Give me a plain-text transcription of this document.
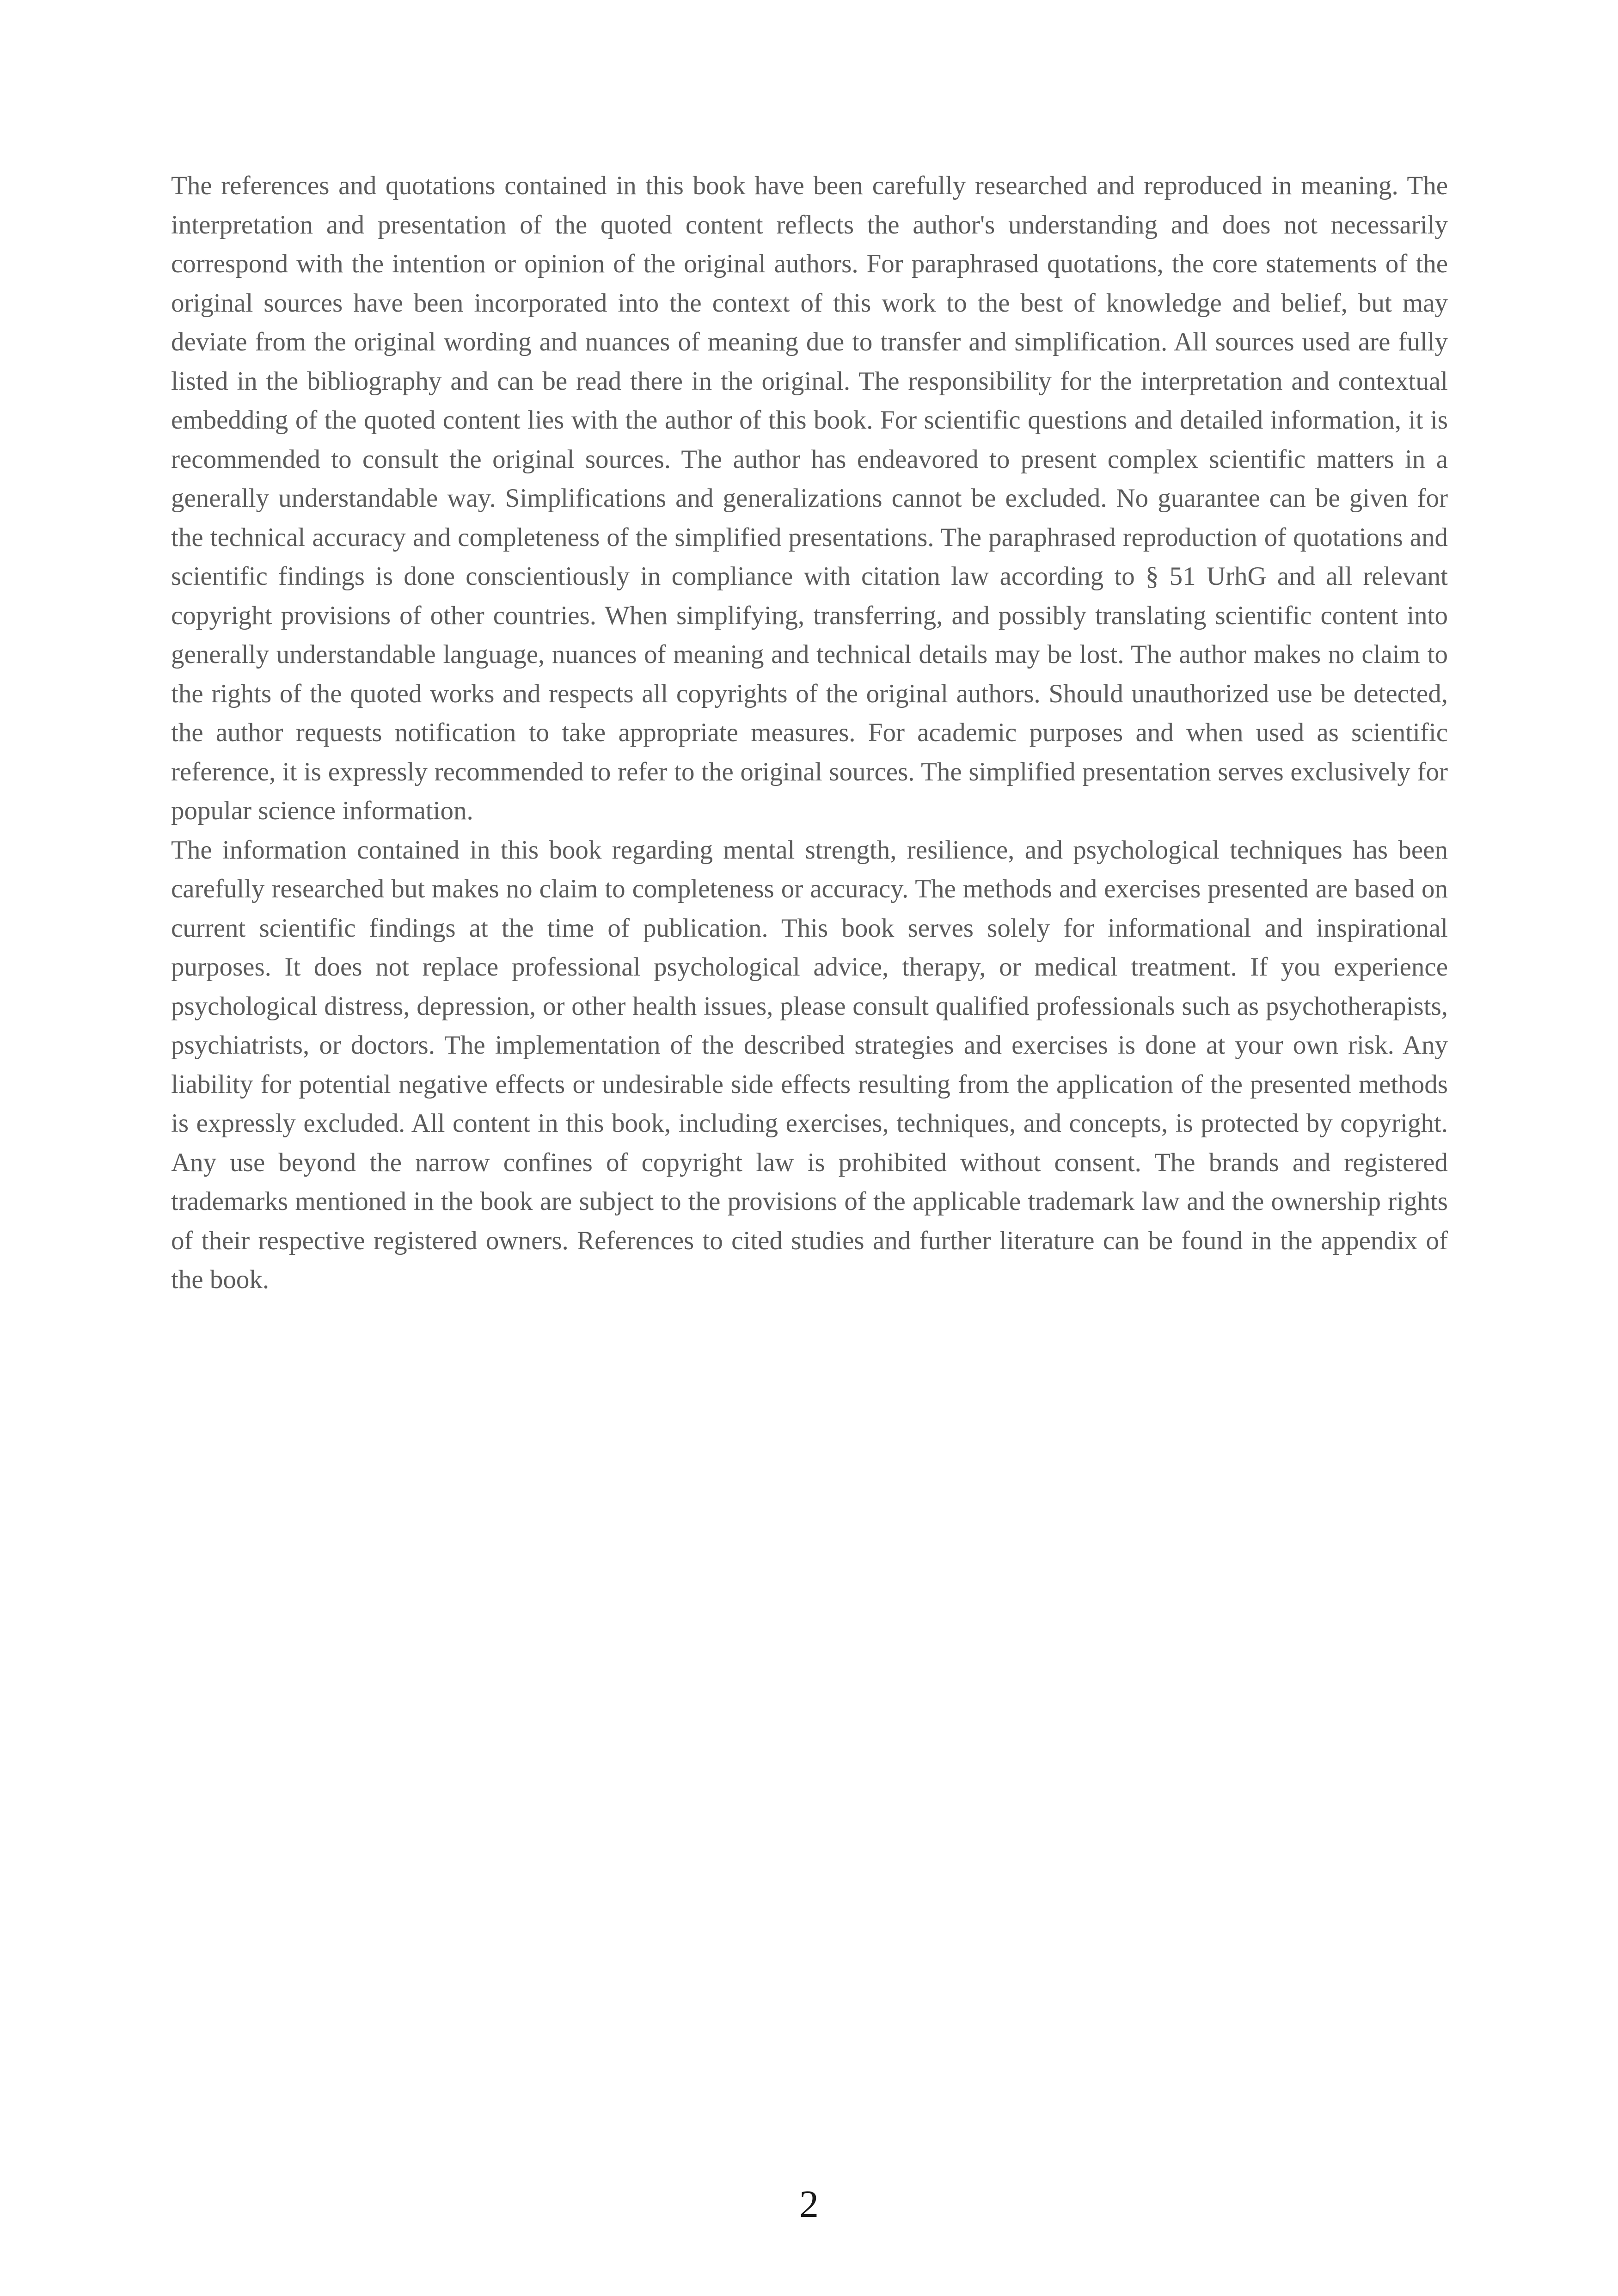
The references and quotations contained in this book have been carefully researched and reproduced in meaning. The interpretation and presentation of the quoted content reflects the author's understanding and does not necessarily correspond with the intention or opinion of the original authors. For paraphrased quotations, the core statements of the original sources have been incorporated into the context of this work to the best of knowledge and belief, but may deviate from the original wording and nuances of meaning due to transfer and simplification. All sources used are fully listed in the bibliography and can be read there in the original. The responsibility for the interpretation and contextual embedding of the quoted content lies with the author of this book. For scientific questions and detailed information, it is recommended to consult the original sources. The author has endeavored to present complex scientific matters in a generally understandable way. Simplifications and generalizations cannot be excluded. No guarantee can be given for the technical accuracy and completeness of the simplified presentations. The paraphrased reproduction of quotations and scientific findings is done conscientiously in compliance with citation law according to § 51 UrhG and all relevant copyright provisions of other countries. When simplifying, transferring, and possibly translating scientific content into generally understandable language, nuances of meaning and technical details may be lost. The author makes no claim to the rights of the quoted works and respects all copyrights of the original authors. Should unauthorized use be detected, the author requests notification to take appropriate measures. For academic purposes and when used as scientific reference, it is expressly recommended to refer to the original sources. The simplified presentation serves exclusively for popular science information.

The information contained in this book regarding mental strength, resilience, and psychological techniques has been carefully researched but makes no claim to completeness or accuracy. The methods and exercises presented are based on current scientific findings at the time of publication. This book serves solely for informational and inspirational purposes. It does not replace professional psychological advice, therapy, or medical treatment. If you experience psychological distress, depression, or other health issues, please consult qualified professionals such as psychotherapists, psychiatrists, or doctors. The implementation of the described strategies and exercises is done at your own risk. Any liability for potential negative effects or undesirable side effects resulting from the application of the presented methods is expressly excluded. All content in this book, including exercises, techniques, and concepts, is protected by copyright. Any use beyond the narrow confines of copyright law is prohibited without consent. The brands and registered trademarks mentioned in the book are subject to the provisions of the applicable trademark law and the ownership rights of their respective registered owners. References to cited studies and further literature can be found in the appendix of the book.

2
